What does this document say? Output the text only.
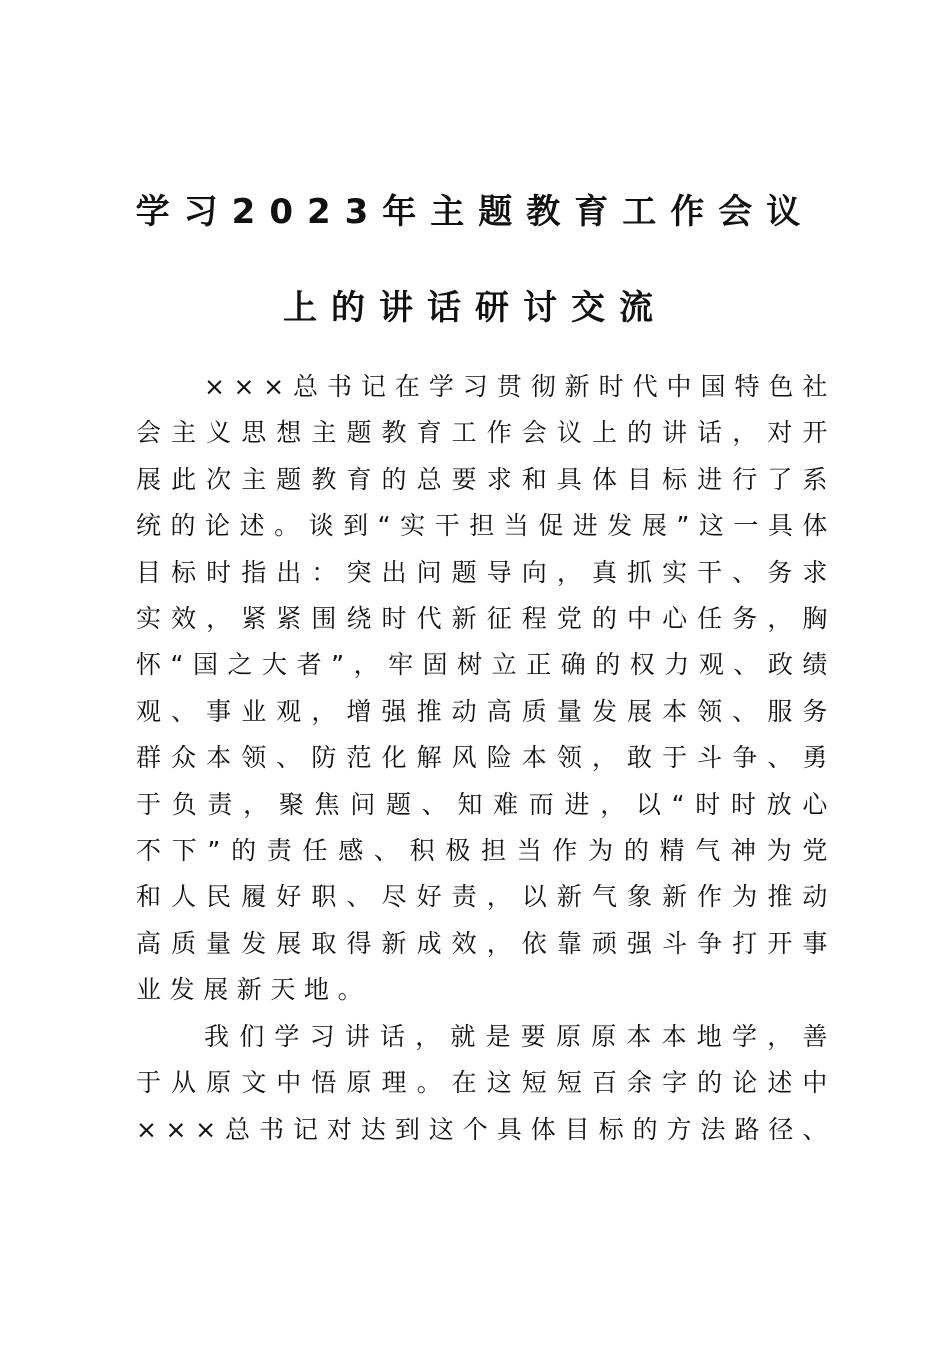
学习2023年主题教育工作会议
上的讲话研讨交流

×××总书记在学习贯彻新时代中国特色社
会主义思想主题教育工作会议上的讲话，对开
展此次主题教育的总要求和具体目标进行了系
统的论述。谈到“实干担当促进发展”这一具体
目标时指出：突出问题导向，真抓实干、务求
实效，紧紧围绕时代新征程党的中心任务，胸
怀“国之大者”，牢固树立正确的权力观、政绩
观、事业观，增强推动高质量发展本领、服务
群众本领、防范化解风险本领，敢于斗争、勇
于负责，聚焦问题、知难而进，以“时时放心
不下”的责任感、积极担当作为的精气神为党
和人民履好职、尽好责，以新气象新作为推动
高质量发展取得新成效，依靠顽强斗争打开事
业发展新天地。

我们学习讲话，就是要原原本本地学，善
于从原文中悟原理。在这短短百余字的论述中
×××总书记对达到这个具体目标的方法路径、
